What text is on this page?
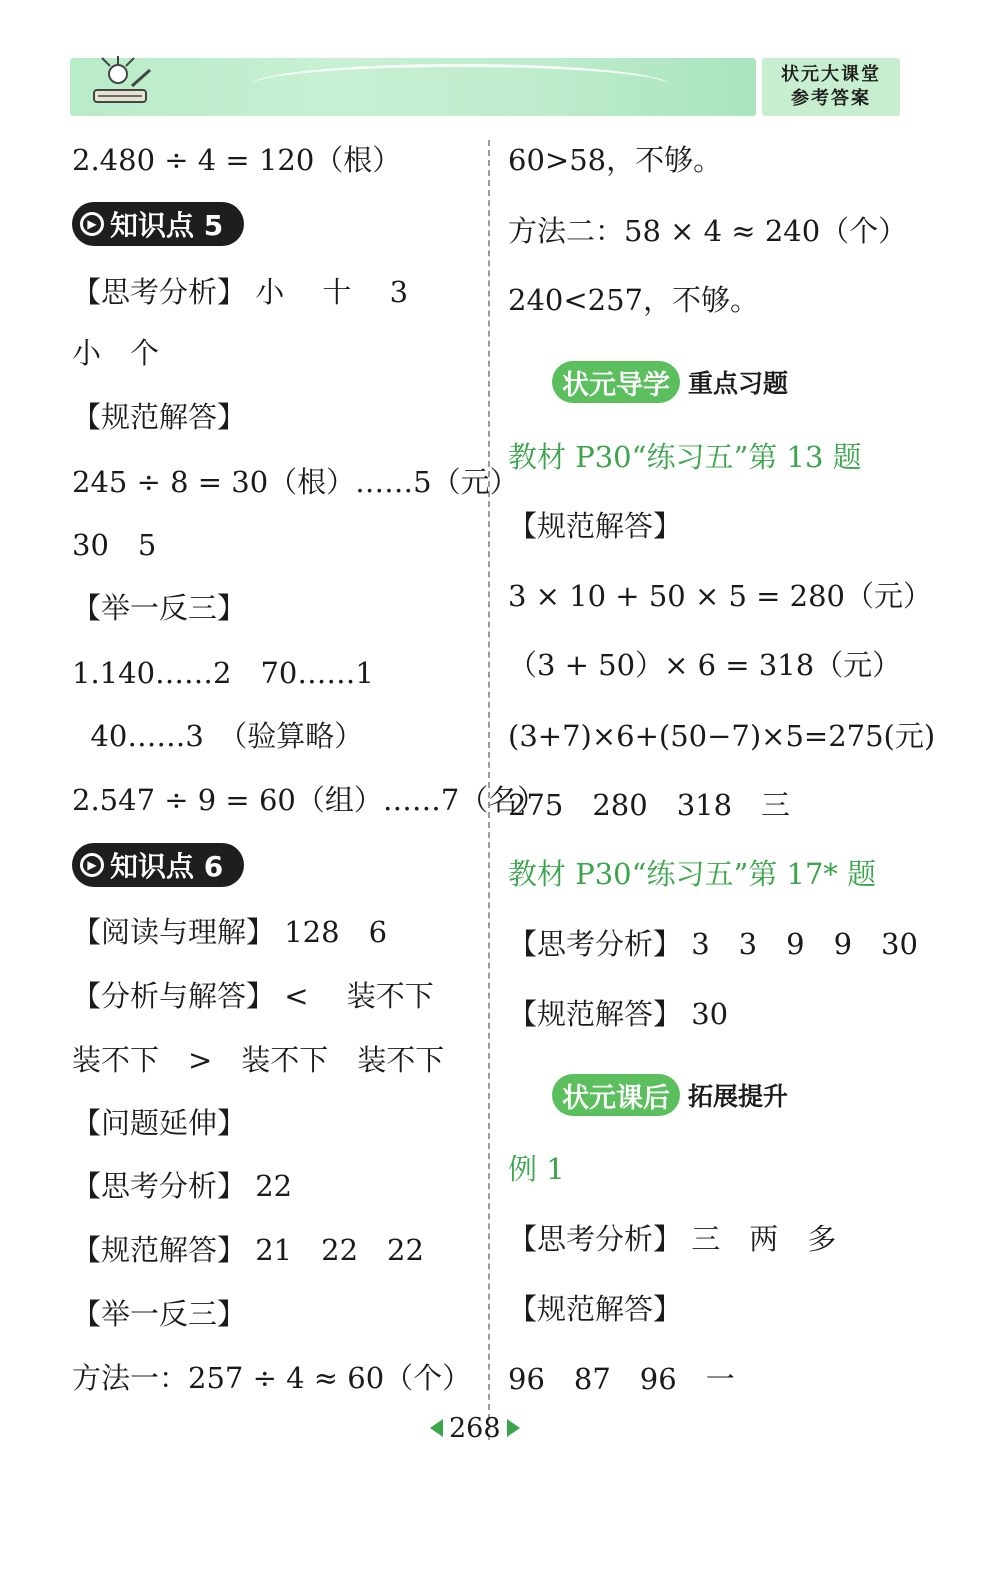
状元大课堂
参考答案
2.480 ÷ 4 = 120（根）
▶ 知识点 5
【思考分析】 小　 十　 3
小　个
【规范解答】
245 ÷ 8 = 30（根）……5（元）
30　5
【举一反三】
1.140……2　70……1
40……3　（验算略）
2.547 ÷ 9 = 60（组）……7（名）
▶ 知识点 6
【阅读与理解】 128　6
【分析与解答】 <　 装不下
装不下　>　装不下　装不下
【问题延伸】
【思考分析】 22
【规范解答】 21　22　22
【举一反三】
方法一：257 ÷ 4 ≈ 60（个）
60>58，不够。
方法二：58 × 4 ≈ 240（个）
240<257，不够。
状元导学 重点习题
教材 P30“练习五”第 13 题
【规范解答】
3 × 10 + 50 × 5 = 280（元）
（3 + 50）× 6 = 318（元）
(3+7)×6+(50−7)×5=275(元)
275　280　318　三
教材 P30“练习五”第 17* 题
【思考分析】 3　3　9　9　30
【规范解答】 30
状元课后 拓展提升
例 1
【思考分析】 三　两　多
【规范解答】
96　87　96　一
268
